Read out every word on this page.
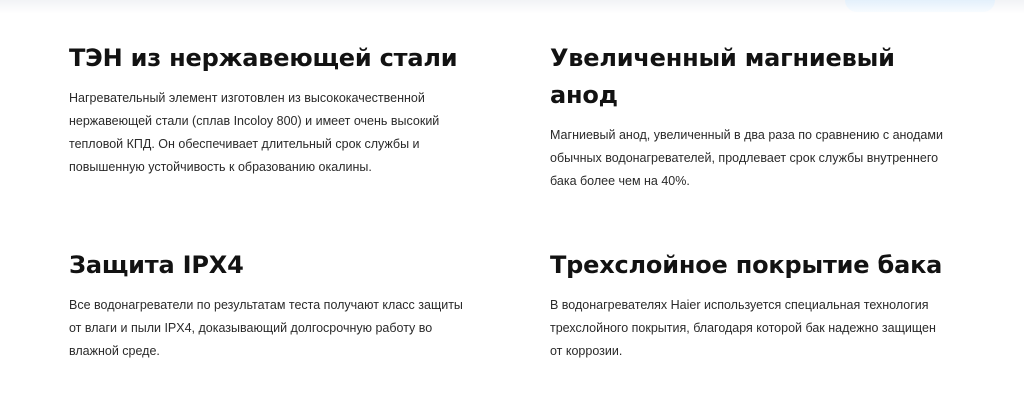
ТЭН из нержавеющей стали

Нагревательный элемент изготовлен из высококачественной
нержавеющей стали (сплав Incoloy 800) и имеет очень высокий
тепловой КПД. Он обеспечивает длительный срок службы и
повышенную устойчивость к образованию окалины.

Увеличенный магниевый
анод

Магниевый анод, увеличенный в два раза по сравнению с анодами
обычных водонагревателей, продлевает срок службы внутреннего
бака более чем на 40%.

Защита IPX4

Все водонагреватели по результатам теста получают класс защиты
от влаги и пыли IPX4, доказывающий долгосрочную работу во
влажной среде.

Трехслойное покрытие бака

В водонагревателях Haier используется специальная технология
трехслойного покрытия, благодаря которой бак надежно защищен
от коррозии.
